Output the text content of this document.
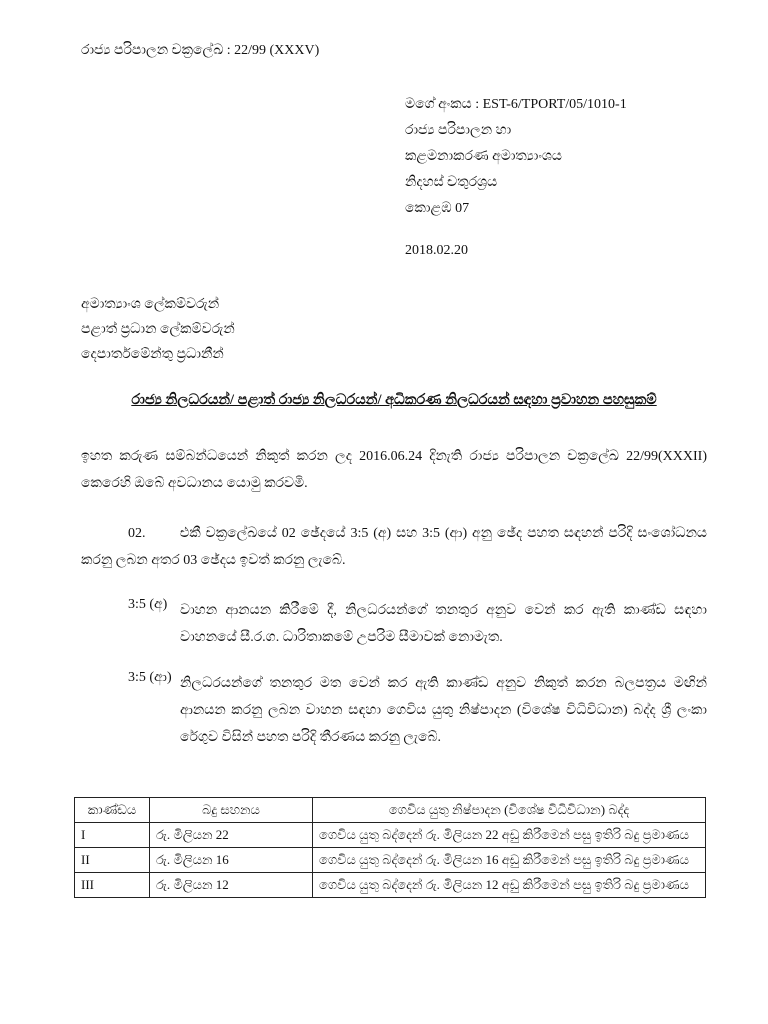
රාජ්‍ය පරිපාලන චක්‍රලේඛ : 22/99 (XXXV)
මගේ අංකය : EST-6/TPORT/05/1010-1
රාජ්‍ය පරිපාලන හා
කළමනාකරණ අමාත්‍යාංශය
නිදහස් චතුරශ්‍රය
කොළඹ 07
2018.02.20
අමාත්‍යාංශ ලේකම්වරුන්
පළාත් ප්‍රධාන ලේකම්වරුන්
දෙපාර්තමේන්තු ප්‍රධානීන්
රාජ්‍ය නිලධරයන්/ පළාත් රාජ්‍ය නිලධරයන්/ අධිකරණ නිලධරයන් සඳහා ප්‍රවාහන පහසුකම්
ඉහත කරුණ සම්බන්ධයෙන් නිකුත් කරන ලද 2016.06.24 දිනැති රාජ්‍ය පරිපාලන චක්‍රලේඛ 22/99(XXXII) කෙරෙහි ඔබේ අවධානය යොමු කරවමි.
02. එකී චක්‍රලේඛයේ 02 ඡේදයේ 3:5 (අ) සහ 3:5 (ආ) අනු ඡේද පහත සඳහන් පරිදි සංශෝධනය කරනු ලබන අතර 03 ඡේදය ඉවත් කරනු ලැබේ.
3:5 (අ) වාහන ආනයන කිරීමේ දී, නිලධරයන්ගේ තනතුර අනුව වෙන් කර ඇති කාණ්ඩ සඳහා වාහනයේ සී.ර.ග. ධාරිතාකමේ උපරිම සීමාවක් නොමැත.
3:5 (ආ) නිලධරයන්ගේ තනතුර මත වෙන් කර ඇති කාණ්ඩ අනුව නිකුත් කරන බලපත්‍රය මඟින් ආනයන කරනු ලබන වාහන සඳහා ගෙවිය යුතු නිෂ්පාදන (විශේෂ විධිවිධාන) බද්ද ශ්‍රී ලංකා රේගුව විසින් පහත පරිදි තීරණය කරනු ලැබේ.
කාණ්ඩය	බදු සහනය	ගෙවිය යුතු නිෂ්පාදන (විශේෂ විධිවිධාන) බද්ද
I	රු. මිලියන 22	ගෙවිය යුතු බද්දෙන් රු. මිලියන 22 අඩු කිරීමෙන් පසු ඉතිරි බදු ප්‍රමාණය
II	රු. මිලියන 16	ගෙවිය යුතු බද්දෙන් රු. මිලියන 16 අඩු කිරීමෙන් පසු ඉතිරි බදු ප්‍රමාණය
III	රු. මිලියන 12	ගෙවිය යුතු බද්දෙන් රු. මිලියන 12 අඩු කිරීමෙන් පසු ඉතිරි බදු ප්‍රමාණය
